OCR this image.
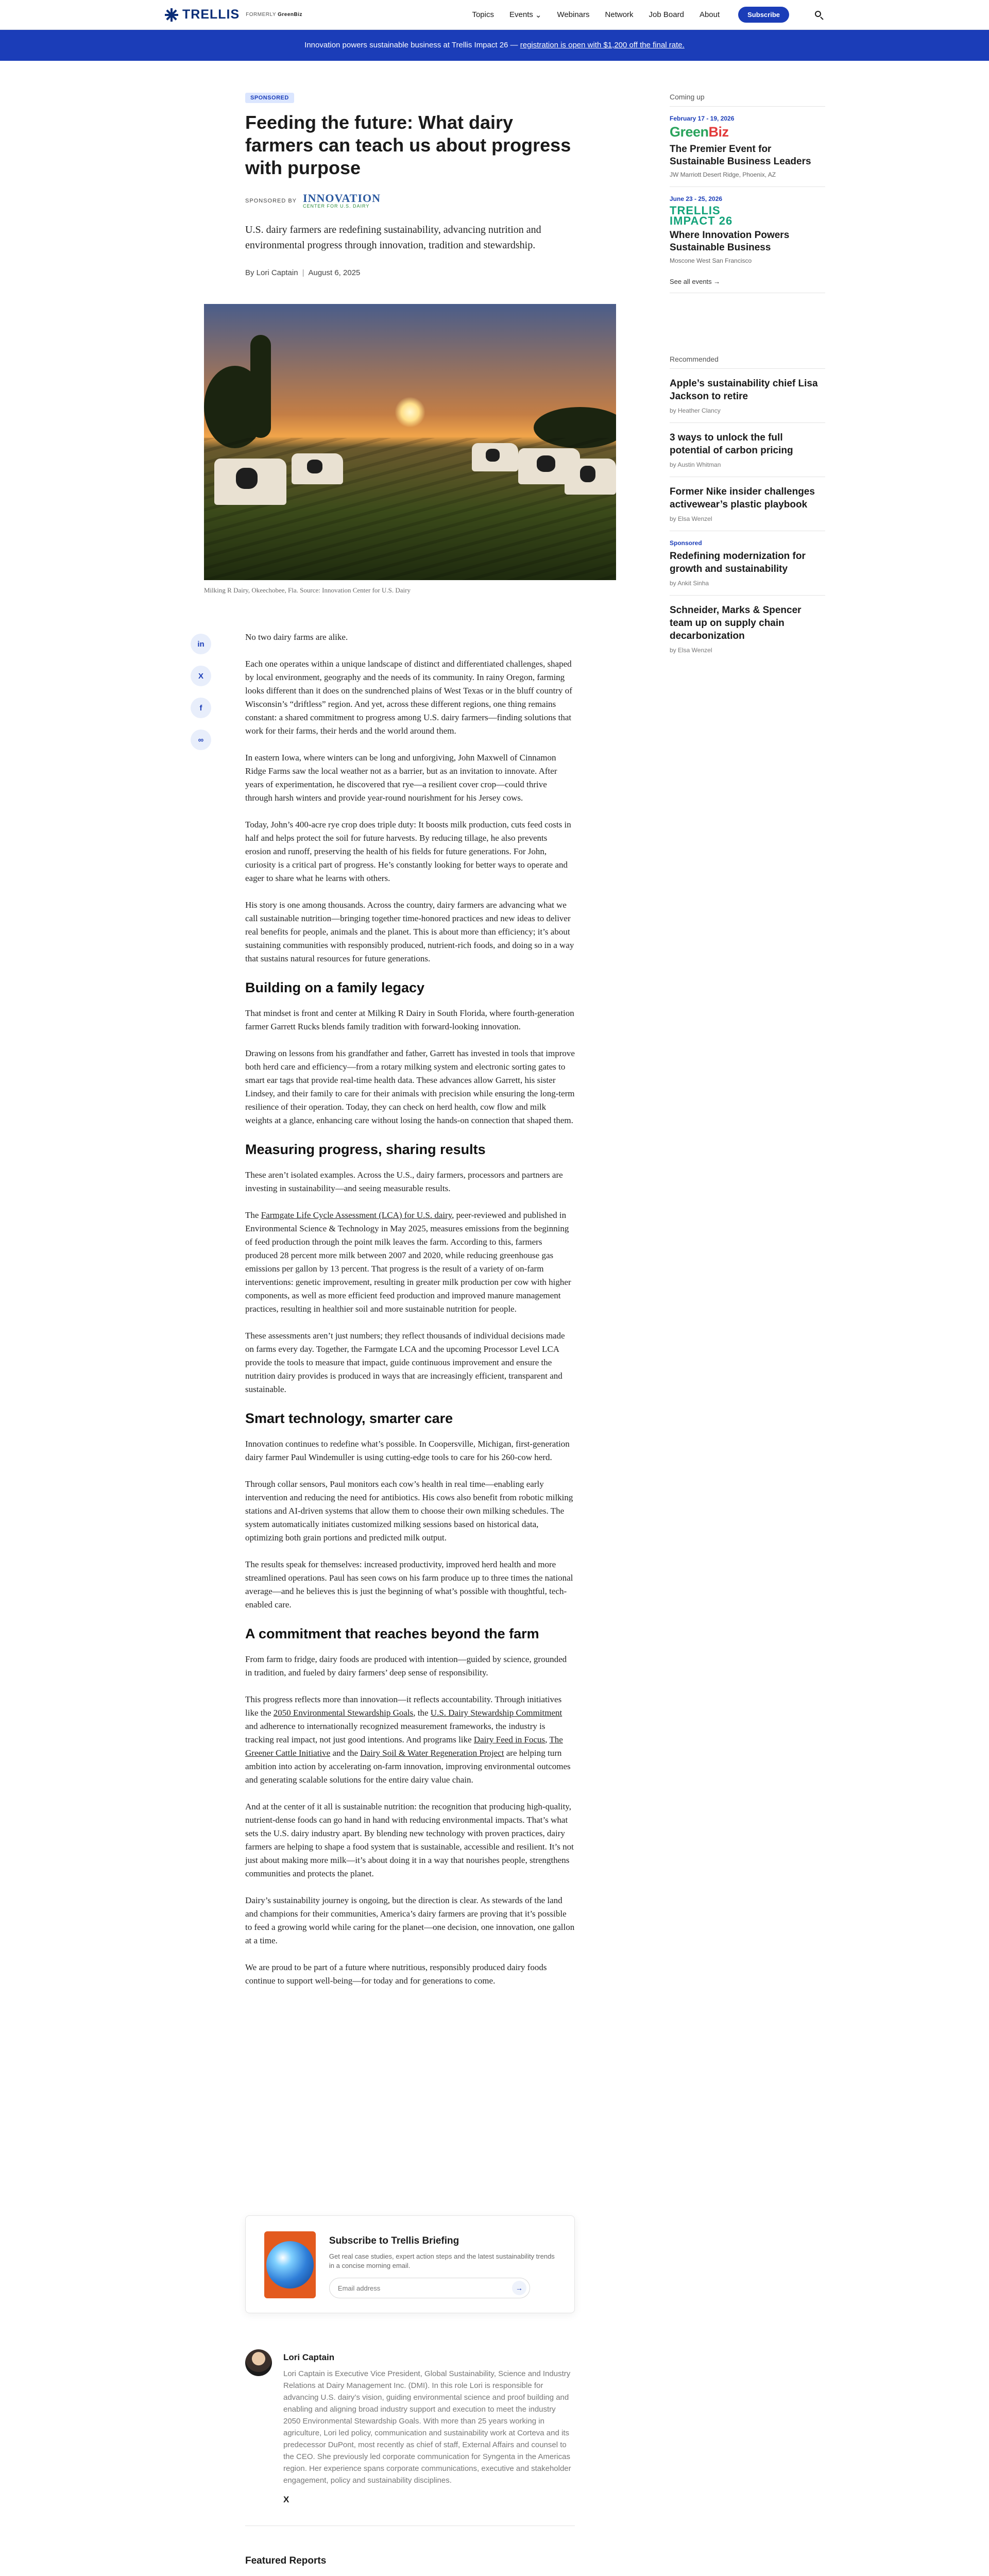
TRELLIS FORMERLY GreenBiz	Topics Events ⌄ Webinars Network Job Board About	Subscribe
Innovation powers sustainable business at Trellis Impact 26 — registration is open with $1,200 off the final rate.
SPONSORED
Feeding the future: What dairy farmers can teach us about progress with purpose
SPONSORED BY INNOVATION
CENTER FOR U.S. DAIRY

U.S. dairy farmers are redefining sustainability, advancing nutrition and environmental progress through innovation, tradition and stewardship.

By Lori Captain | August 6, 2025
Milking R Dairy, Okeechobee, Fla. Source: Innovation Center for U.S. Dairy
in
X
f
∞

No two dairy farms are alike.

Each one operates within a unique landscape of distinct and differentiated challenges, shaped by local environment, geography and the needs of its community. In rainy Oregon, farming looks different than it does on the sundrenched plains of West Texas or in the bluff country of Wisconsin’s “driftless” region. And yet, across these different regions, one thing remains constant: a shared commitment to progress among U.S. dairy farmers—finding solutions that work for their farms, their herds and the world around them.

In eastern Iowa, where winters can be long and unforgiving, John Maxwell of Cinnamon Ridge Farms saw the local weather not as a barrier, but as an invitation to innovate. After years of experimentation, he discovered that rye—a resilient cover crop—could thrive through harsh winters and provide year-round nourishment for his Jersey cows.

Today, John’s 400-acre rye crop does triple duty: It boosts milk production, cuts feed costs in half and helps protect the soil for future harvests. By reducing tillage, he also prevents erosion and runoff, preserving the health of his fields for future generations. For John, curiosity is a critical part of progress. He’s constantly looking for better ways to operate and eager to share what he learns with others.

His story is one among thousands. Across the country, dairy farmers are advancing what we call sustainable nutrition—bringing together time-honored practices and new ideas to deliver real benefits for people, animals and the planet. This is about more than efficiency; it’s about sustaining communities with responsibly produced, nutrient-rich foods, and doing so in a way that sustains natural resources for future generations.

Building on a family legacy

That mindset is front and center at Milking R Dairy in South Florida, where fourth-generation farmer Garrett Rucks blends family tradition with forward-looking innovation.

Drawing on lessons from his grandfather and father, Garrett has invested in tools that improve both herd care and efficiency—from a rotary milking system and electronic sorting gates to smart ear tags that provide real-time health data. These advances allow Garrett, his sister Lindsey, and their family to care for their animals with precision while ensuring the long-term resilience of their operation. Today, they can check on herd health, cow flow and milk weights at a glance, enhancing care without losing the hands-on connection that shaped them.

Measuring progress, sharing results

These aren’t isolated examples. Across the U.S., dairy farmers, processors and partners are investing in sustainability—and seeing measurable results.

The Farmgate Life Cycle Assessment (LCA) for U.S. dairy, peer-reviewed and published in Environmental Science & Technology in May 2025, measures emissions from the beginning of feed production through the point milk leaves the farm. According to this, farmers produced 28 percent more milk between 2007 and 2020, while reducing greenhouse gas emissions per gallon by 13 percent. That progress is the result of a variety of on-farm interventions: genetic improvement, resulting in greater milk production per cow with higher components, as well as more efficient feed production and improved manure management practices, resulting in healthier soil and more sustainable nutrition for people.

These assessments aren’t just numbers; they reflect thousands of individual decisions made on farms every day. Together, the Farmgate LCA and the upcoming Processor Level LCA provide the tools to measure that impact, guide continuous improvement and ensure the nutrition dairy provides is produced in ways that are increasingly efficient, transparent and sustainable.

Smart technology, smarter care

Innovation continues to redefine what’s possible. In Coopersville, Michigan, first-generation dairy farmer Paul Windemuller is using cutting-edge tools to care for his 260-cow herd.

Through collar sensors, Paul monitors each cow’s health in real time—enabling early intervention and reducing the need for antibiotics. His cows also benefit from robotic milking stations and AI-driven systems that allow them to choose their own milking schedules. The system automatically initiates customized milking sessions based on historical data, optimizing both grain portions and predicted milk output.

The results speak for themselves: increased productivity, improved herd health and more streamlined operations. Paul has seen cows on his farm produce up to three times the national average—and he believes this is just the beginning of what’s possible with thoughtful, tech-enabled care.

A commitment that reaches beyond the farm

From farm to fridge, dairy foods are produced with intention—guided by science, grounded in tradition, and fueled by dairy farmers’ deep sense of responsibility.

This progress reflects more than innovation—it reflects accountability. Through initiatives like the 2050 Environmental Stewardship Goals, the U.S. Dairy Stewardship Commitment and adherence to internationally recognized measurement frameworks, the industry is tracking real impact, not just good intentions. And programs like Dairy Feed in Focus, The Greener Cattle Initiative and the Dairy Soil & Water Regeneration Project are helping turn ambition into action by accelerating on-farm innovation, improving environmental outcomes and generating scalable solutions for the entire dairy value chain.

And at the center of it all is sustainable nutrition: the recognition that producing high-quality, nutrient-dense foods can go hand in hand with reducing environmental impacts. That’s what sets the U.S. dairy industry apart. By blending new technology with proven practices, dairy farmers are helping to shape a food system that is sustainable, accessible and resilient. It’s not just about making more milk—it’s about doing it in a way that nourishes people, strengthens communities and protects the planet.

Dairy’s sustainability journey is ongoing, but the direction is clear. As stewards of the land and champions for their communities, America’s dairy farmers are proving that it’s possible to feed a growing world while caring for the planet—one decision, one innovation, one gallon at a time.

We are proud to be part of a future where nutritious, responsibly produced dairy foods continue to support well-being—for today and for generations to come.

Subscribe to Trellis Briefing
Get real case studies, expert action steps and the latest sustainability trends in a concise morning email.
Email address
→
Lori Captain
Lori Captain is Executive Vice President, Global Sustainability, Science and Industry Relations at Dairy Management Inc. (DMI). In this role Lori is responsible for advancing U.S. dairy’s vision, guiding environmental science and proof building and enabling and aligning broad industry support and execution to meet the industry 2050 Environmental Stewardship Goals. With more than 25 years working in agriculture, Lori led policy, communication and sustainability work at Corteva and its predecessor DuPont, most recently as chief of staff, External Affairs and counsel to the CEO. She previously led corporate communication for Syngenta in the Americas region. Her experience spans corporate communications, executive and stakeholder engagement, policy and sustainability disciplines.
X
Featured Reports
Coming up
February 17 - 19, 2026
GreenBiz
The Premier Event for Sustainable Business Leaders
JW Marriott Desert Ridge, Phoenix, AZ
June 23 - 25, 2026
TRELLIS IMPACT 26
Where Innovation Powers Sustainable Business
Moscone West San Francisco
See all events →
Recommended
Apple’s sustainability chief Lisa Jackson to retire
by Heather Clancy
3 ways to unlock the full potential of carbon pricing
by Austin Whitman
Former Nike insider challenges activewear’s plastic playbook
by Elsa Wenzel
Sponsored
Redefining modernization for growth and sustainability
by Ankit Sinha
Schneider, Marks & Spencer team up on supply chain decarbonization
by Elsa Wenzel
